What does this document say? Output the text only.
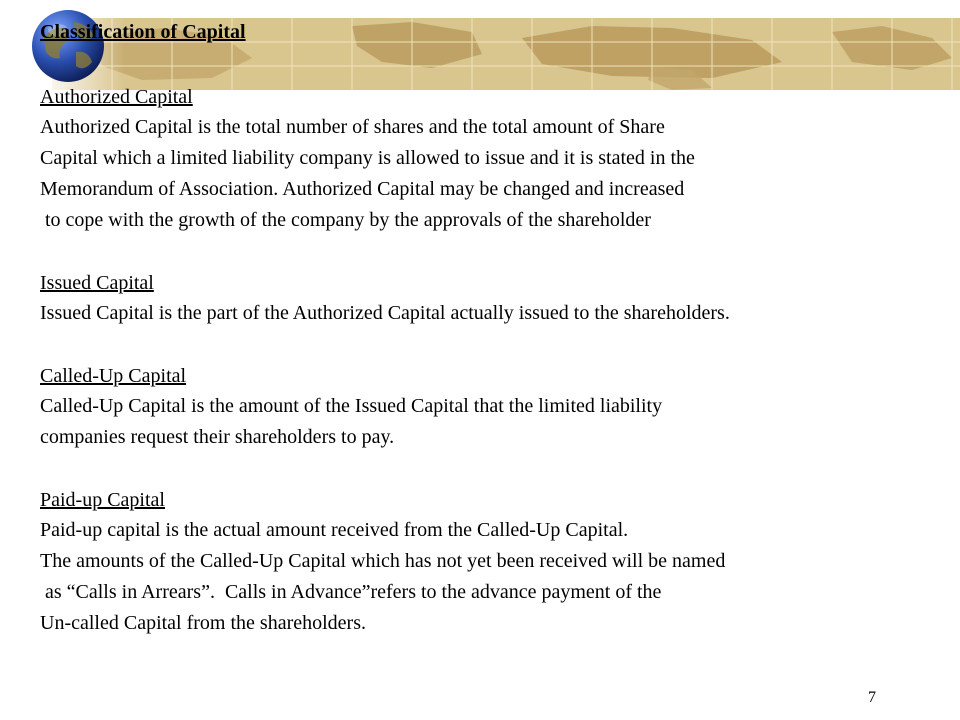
Classification of Capital
Authorized Capital
Authorized Capital is the total number of shares and the total amount of Share
Capital which a limited liability company is allowed to issue and it is stated in the
Memorandum of Association. Authorized Capital may be changed and increased
to cope with the growth of the company by the approvals of the shareholder
Issued Capital
Issued Capital is the part of the Authorized Capital actually issued to the shareholders.
Called-Up Capital
Called-Up Capital is the amount of the Issued Capital that the limited liability
companies request their shareholders to pay.
Paid-up Capital
Paid-up capital is the actual amount received from the Called-Up Capital.
The amounts of the Called-Up Capital which has not yet been received will be named
as “Calls in Arrears”.  Calls in Advance”refers to the advance payment of the
Un-called Capital from the shareholders.
7
